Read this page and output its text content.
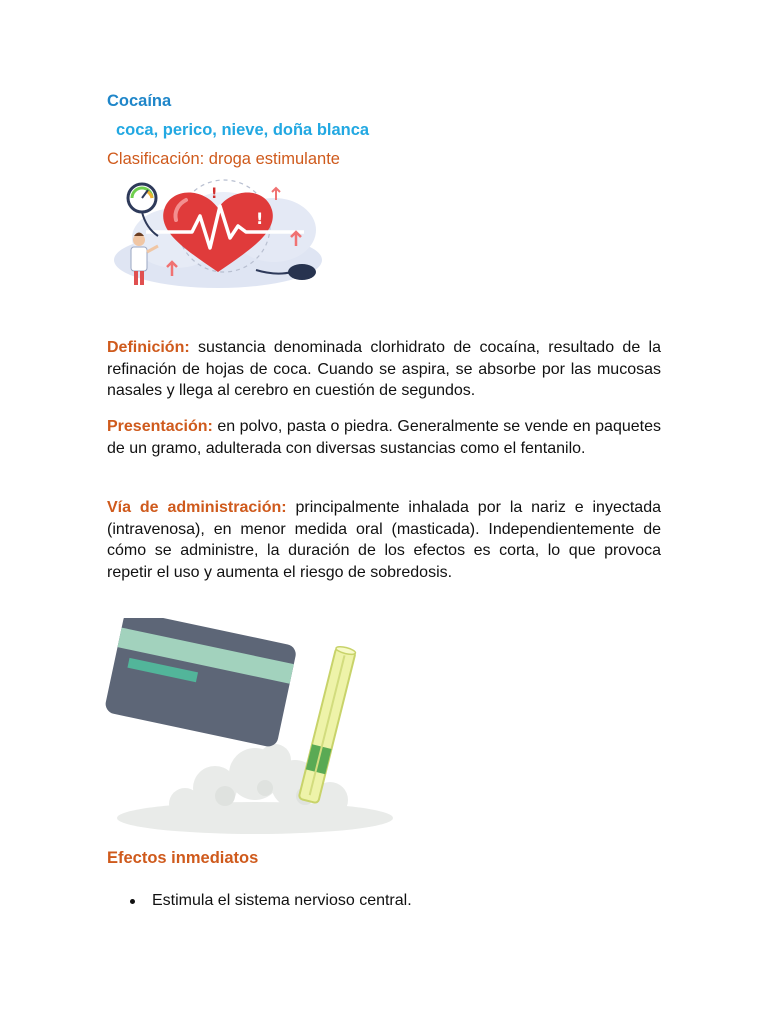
Cocaína
coca, perico, nieve, doña blanca
Clasificación: droga estimulante
!
!

Definición: sustancia denominada clorhidrato de cocaína, resultado de la refinación de hojas de coca. Cuando se aspira, se absorbe por las mucosas nasales y llega al cerebro en cuestión de segundos.

Presentación: en polvo, pasta o piedra. Generalmente se vende en paquetes de un gramo, adulterada con diversas sustancias como el fentanilo.

Vía de administración: principalmente inhalada por la nariz e inyectada (intravenosa), en menor medida oral (masticada). Independientemente de cómo se administre, la duración de los efectos es corta, lo que provoca repetir el uso y aumenta el riesgo de sobredosis.

Efectos inmediatos
Estimula el sistema nervioso central.
